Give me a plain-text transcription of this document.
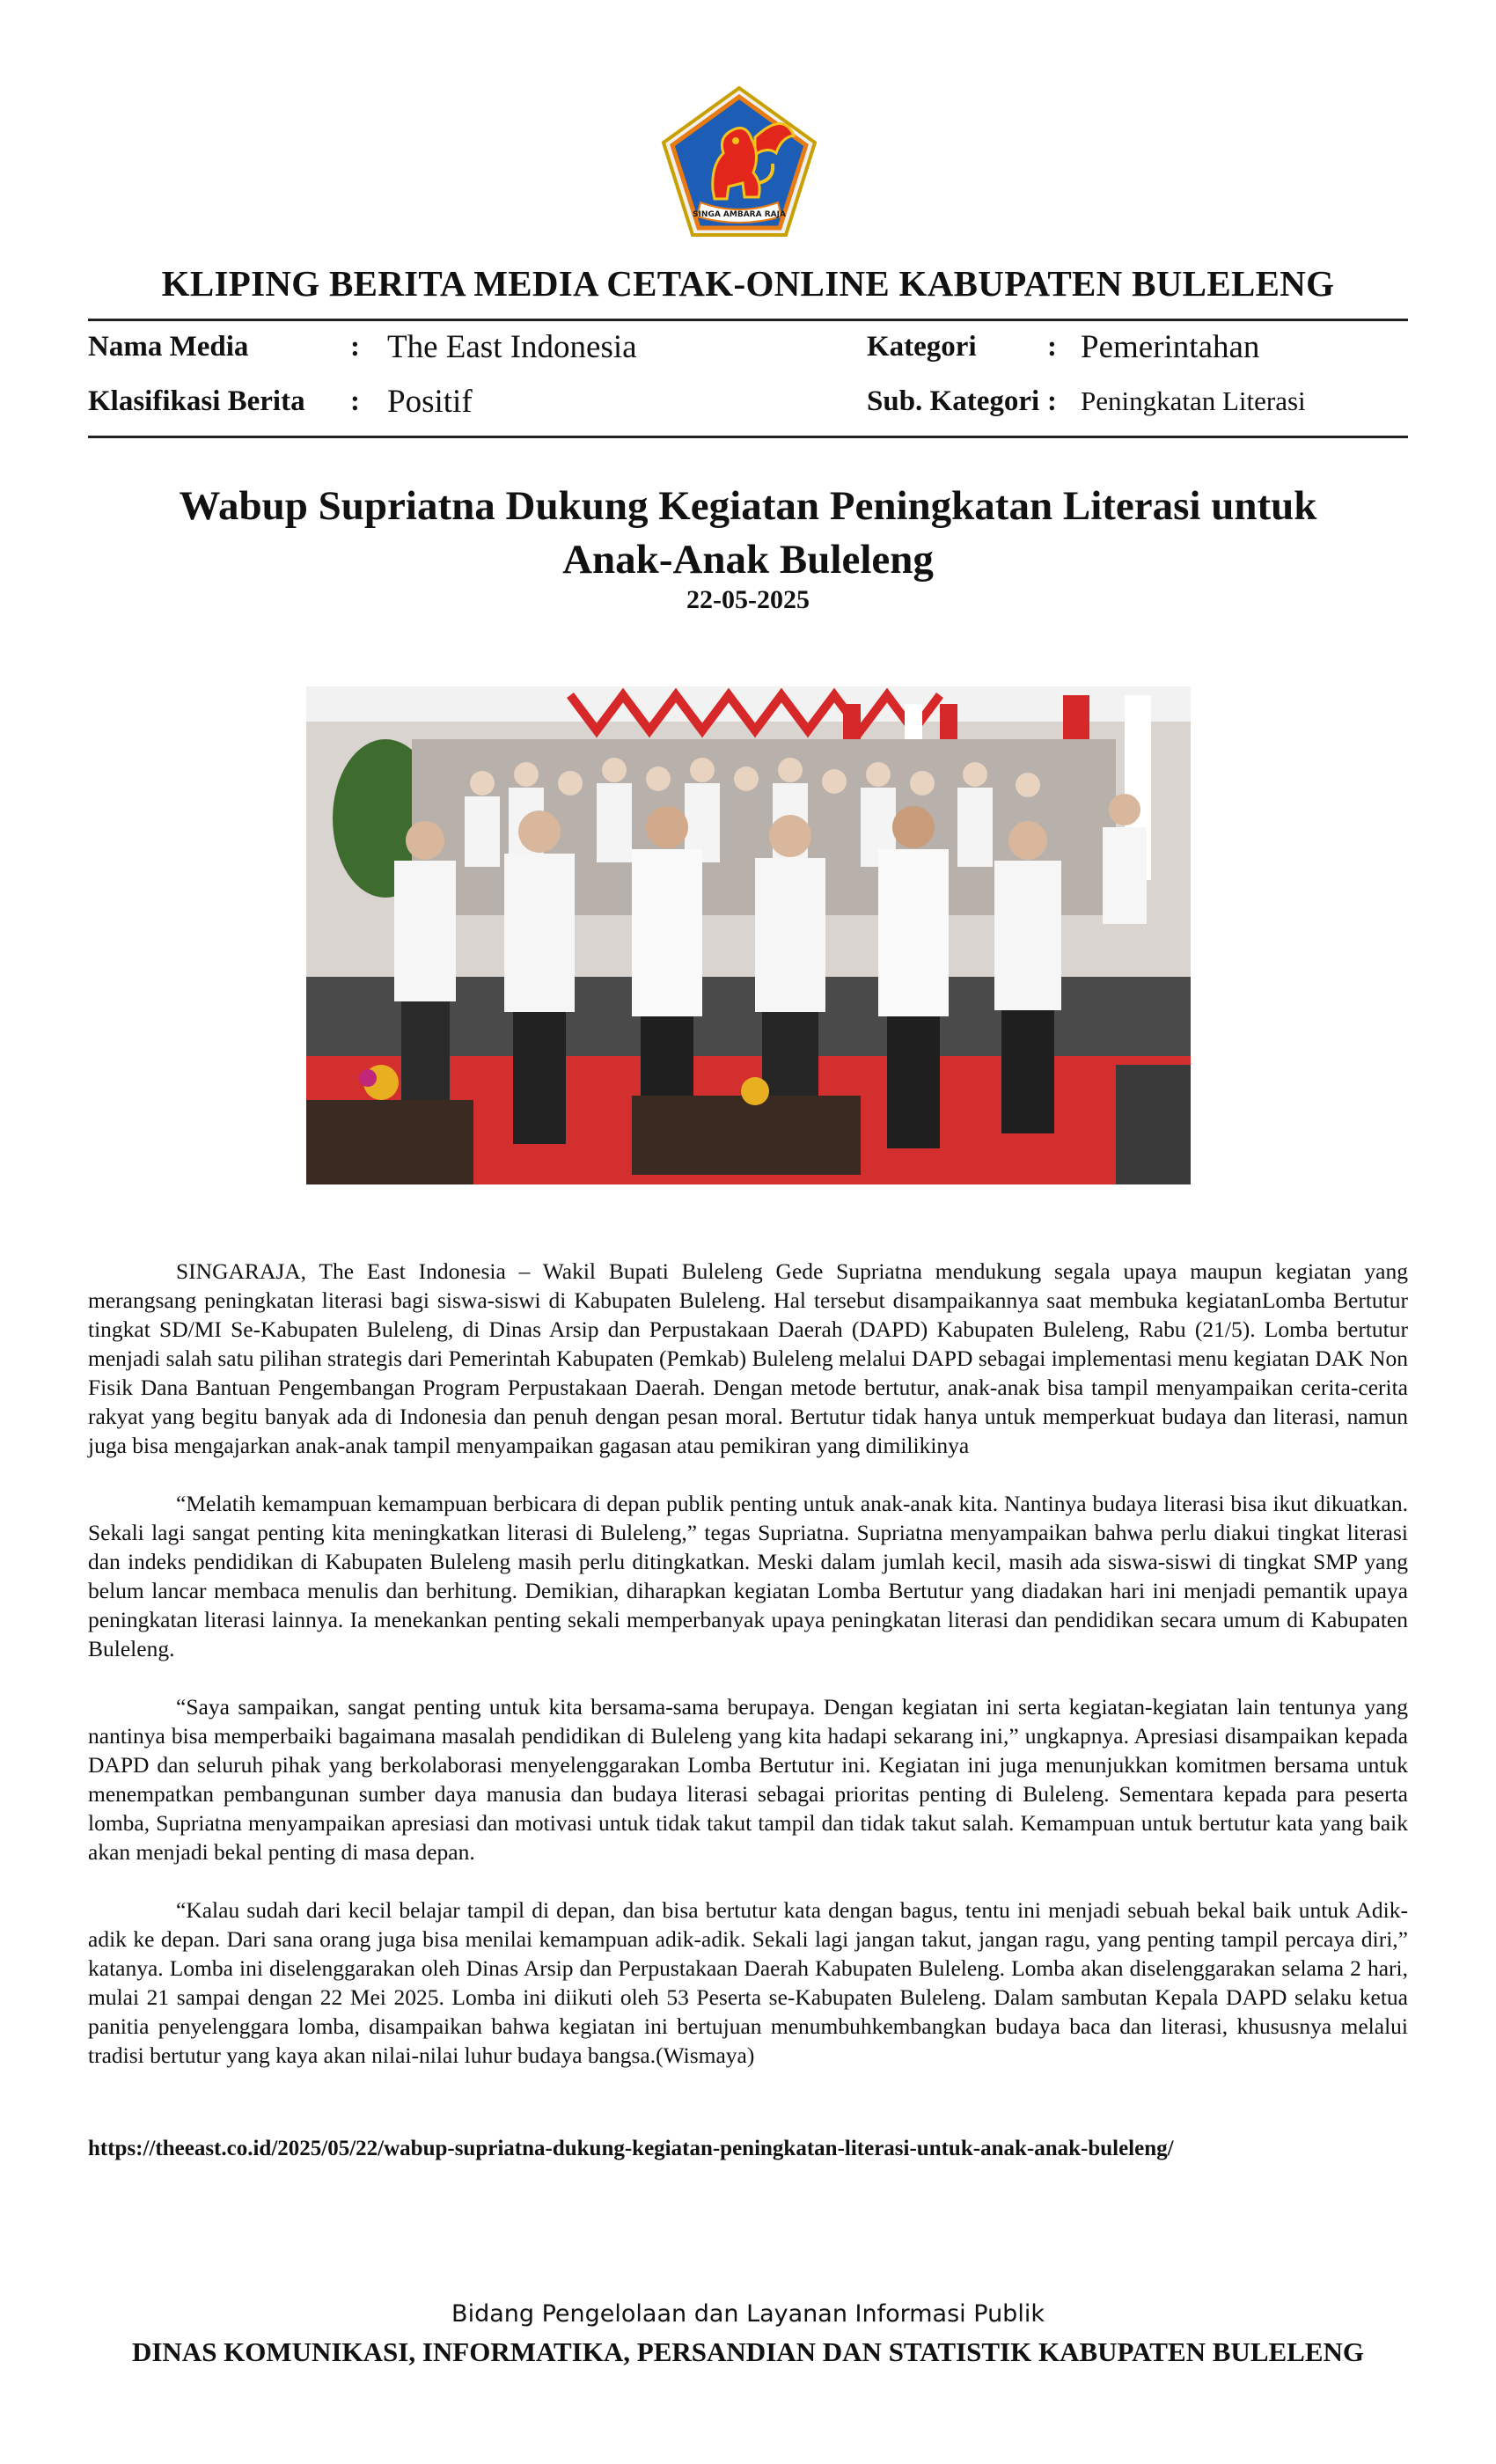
SINGA AMBARA RAJA
KLIPING BERITA MEDIA CETAK-ONLINE KABUPATEN BULELENG
Nama Media	: The East Indonesia
Klasifikasi Berita : Positif
Kategori : Pemerintahan
Sub. Kategori : Peningkatan Literasi
Wabup Supriatna Dukung Kegiatan Peningkatan Literasi untuk Anak-Anak Buleleng
22-05-2025

SINGARAJA, The East Indonesia – Wakil Bupati Buleleng Gede Supriatna mendukung segala upaya maupun kegiatan yang merangsang peningkatan literasi bagi siswa-siswi di Kabupaten Buleleng. Hal tersebut disampaikannya saat membuka kegiatanLomba Bertutur tingkat SD/MI Se-Kabupaten Buleleng, di Dinas Arsip dan Perpustakaan Daerah (DAPD) Kabupaten Buleleng, Rabu (21/5). Lomba bertutur menjadi salah satu pilihan strategis dari Pemerintah Kabupaten (Pemkab) Buleleng melalui DAPD sebagai implementasi menu kegiatan DAK Non Fisik Dana Bantuan Pengembangan Program Perpustakaan Daerah. Dengan metode bertutur, anak-anak bisa tampil menyampaikan cerita-cerita rakyat yang begitu banyak ada di Indonesia dan penuh dengan pesan moral. Bertutur tidak hanya untuk memperkuat budaya dan literasi, namun juga bisa mengajarkan anak-anak tampil menyampaikan gagasan atau pemikiran yang dimilikinya

“Melatih kemampuan kemampuan berbicara di depan publik penting untuk anak-anak kita. Nantinya budaya literasi bisa ikut dikuatkan. Sekali lagi sangat penting kita meningkatkan literasi di Buleleng,” tegas Supriatna. Supriatna menyampaikan bahwa perlu diakui tingkat literasi dan indeks pendidikan di Kabupaten Buleleng masih perlu ditingkatkan. Meski dalam jumlah kecil, masih ada siswa-siswi di tingkat SMP yang belum lancar membaca menulis dan berhitung. Demikian, diharapkan kegiatan Lomba Bertutur yang diadakan hari ini menjadi pemantik upaya peningkatan literasi lainnya. Ia menekankan penting sekali memperbanyak upaya peningkatan literasi dan pendidikan secara umum di Kabupaten Buleleng.

“Saya sampaikan, sangat penting untuk kita bersama-sama berupaya. Dengan kegiatan ini serta kegiatan-kegiatan lain tentunya yang nantinya bisa memperbaiki bagaimana masalah pendidikan di Buleleng yang kita hadapi sekarang ini,” ungkapnya. Apresiasi disampaikan kepada DAPD dan seluruh pihak yang berkolaborasi menyelenggarakan Lomba Bertutur ini. Kegiatan ini juga menunjukkan komitmen bersama untuk menempatkan pembangunan sumber daya manusia dan budaya literasi sebagai prioritas penting di Buleleng. Sementara kepada para peserta lomba, Supriatna menyampaikan apresiasi dan motivasi untuk tidak takut tampil dan tidak takut salah. Kemampuan untuk bertutur kata yang baik akan menjadi bekal penting di masa depan.

“Kalau sudah dari kecil belajar tampil di depan, dan bisa bertutur kata dengan bagus, tentu ini menjadi sebuah bekal baik untuk Adik-adik ke depan. Dari sana orang juga bisa menilai kemampuan adik-adik. Sekali lagi jangan takut, jangan ragu, yang penting tampil percaya diri,” katanya. Lomba ini diselenggarakan oleh Dinas Arsip dan Perpustakaan Daerah Kabupaten Buleleng. Lomba akan diselenggarakan selama 2 hari, mulai 21 sampai dengan 22 Mei 2025. Lomba ini diikuti oleh 53 Peserta se-Kabupaten Buleleng. Dalam sambutan Kepala DAPD selaku ketua panitia penyelenggara lomba, disampaikan bahwa kegiatan ini bertujuan menumbuhkembangkan budaya baca dan literasi, khususnya melalui tradisi bertutur yang kaya akan nilai-nilai luhur budaya bangsa.(Wismaya)

https://theeast.co.id/2025/05/22/wabup-supriatna-dukung-kegiatan-peningkatan-literasi-untuk-anak-anak-buleleng/
Bidang Pengelolaan dan Layanan Informasi Publik
DINAS KOMUNIKASI, INFORMATIKA, PERSANDIAN DAN STATISTIK KABUPATEN BULELENG
